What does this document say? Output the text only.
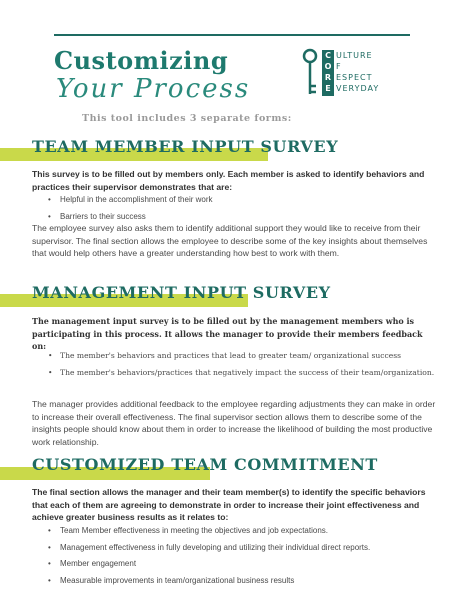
Customizing
Your Process
This tool includes 3 separate forms:
C
O
R
E
ULTURE
F
ESPECT
VERYDAY
TEAM MEMBER INPUT SURVEY
This survey is to be filled out by members only. Each member is asked to identify behaviors and practices their supervisor demonstrates that are:
• Helpful in the accomplishment of their work
• Barriers to their success
The employee survey also asks them to identify additional support they would like to receive from their supervisor. The final section allows the employee to describe some of the key insights about themselves that would help others have a greater understanding how best to work with them.
MANAGEMENT INPUT SURVEY
The management input survey is to be filled out by the management members who is participating in this process. It allows the manager to provide their members feedback on:
• The member's behaviors and practices that lead to greater team/ organizational success
• The member's behaviors/practices that negatively impact the success of their team/organization.
The manager provides additional feedback to the employee regarding adjustments they can make in order to increase their overall effectiveness. The final supervisor section allows them to describe some of the insights people should know about them in order to increase the likelihood of building the most productive work relationship.
CUSTOMIZED TEAM COMMITMENT
The final section allows the manager and their team member(s) to identify the specific behaviors that each of them are agreeing to demonstrate in order to increase their joint effectiveness and achieve greater business results as it relates to:
• Team Member effectiveness in meeting the objectives and job expectations.
• Management effectiveness in fully developing and utilizing their individual direct reports.
• Member engagement
• Measurable improvements in team/organizational business results
